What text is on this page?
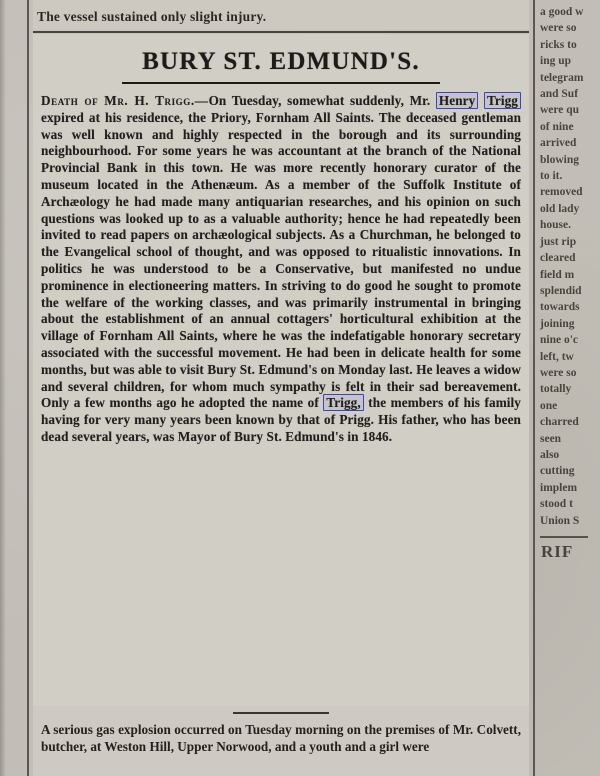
The vessel sustained only slight injury.
BURY ST. EDMUND'S.
Death of Mr. H. Trigg.—On Tuesday, somewhat suddenly, Mr. Henry Trigg expired at his residence, the Priory, Fornham All Saints. The deceased gentleman was well known and highly respected in the borough and its surrounding neighbourhood. For some years he was accountant at the branch of the National Provincial Bank in this town. He was more recently honorary curator of the museum located in the Athenæum. As a member of the Suffolk Institute of Archæology he had made many antiquarian researches, and his opinion on such questions was looked up to as a valuable authority; hence he had repeatedly been invited to read papers on archæological subjects. As a Churchman, he belonged to the Evangelical school of thought, and was opposed to ritualistic innovations. In politics he was understood to be a Conservative, but manifested no undue prominence in electioneering matters. In striving to do good he sought to promote the welfare of the working classes, and was primarily instrumental in bringing about the establishment of an annual cottagers' horticultural exhibition at the village of Fornham All Saints, where he was the indefatigable honorary secretary associated with the successful movement. He had been in delicate health for some months, but was able to visit Bury St. Edmund's on Monday last. He leaves a widow and several children, for whom much sympathy is felt in their sad bereavement. Only a few months ago he adopted the name of Trigg, the members of his family having for very many years been known by that of Prigg. His father, who has been dead several years, was Mayor of Bury St. Edmund's in 1846.
A serious gas explosion occurred on Tuesday morning on the premises of Mr. Colvett, butcher, at Weston Hill, Upper Norwood, and a youth and a girl were
a good w
were so
ricks to
ing up
telegram
and Suf
were qu
of nine
arrived
blowing
to it.
removed
old lady
house.
just rip
cleared
field m
splendid
towards
joining
nine o'c
left, tw
were so
totally
one
charred
seen
also
cutting
implem
stood t
Union S
RIF
